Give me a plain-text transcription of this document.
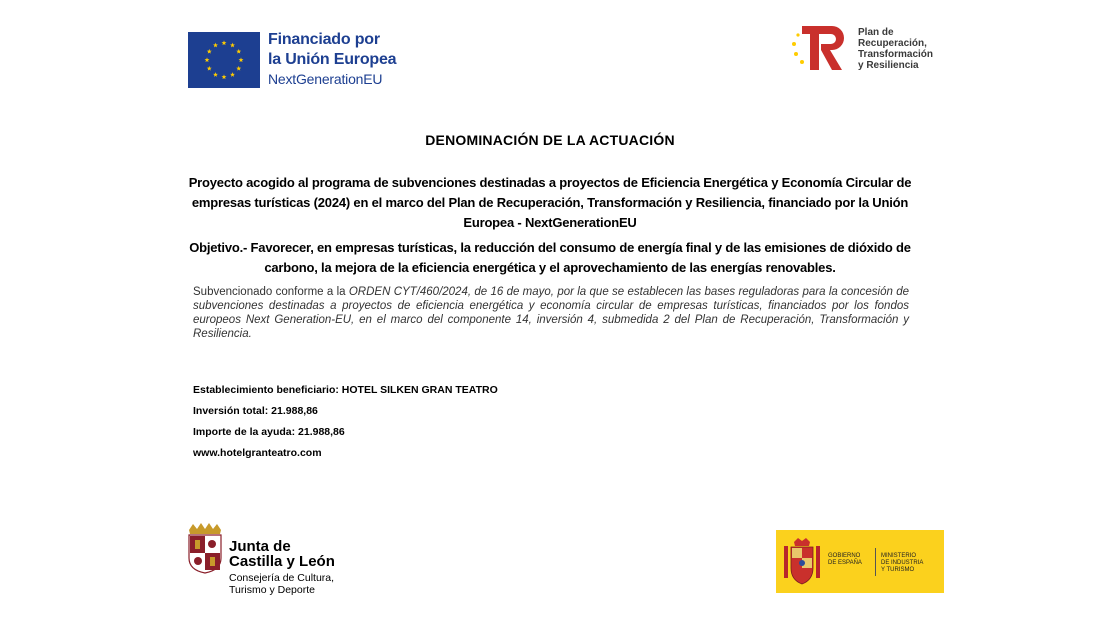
Financiado por
la Unión Europea
NextGenerationEU
Plan de
Recuperación,
Transformación
y Resiliencia
DENOMINACIÓN DE LA ACTUACIÓN
Proyecto acogido al programa de subvenciones destinadas a proyectos de Eficiencia Energética y Economía Circular de empresas turísticas (2024) en el marco del Plan de Recuperación, Transformación y Resiliencia, financiado por la Unión Europea - NextGenerationEU
Objetivo.- Favorecer, en empresas turísticas, la reducción del consumo de energía final y de las emisiones de dióxido de carbono, la mejora de la eficiencia energética y el aprovechamiento de las energías renovables.
Subvencionado conforme a la ORDEN CYT/460/2024, de 16 de mayo, por la que se establecen las bases reguladoras para la concesión de subvenciones destinadas a proyectos de eficiencia energética y economía circular de empresas turísticas, financiados por los fondos europeos Next Generation-EU, en el marco del componente 14, inversión 4, submedida 2 del Plan de Recuperación, Transformación y Resiliencia.
Establecimiento beneficiario: HOTEL SILKEN GRAN TEATRO
Inversión total: 21.988,86
Importe de la ayuda: 21.988,86
www.hotelgranteatro.com
Junta de
Castilla y León
Consejería de Cultura,
Turismo y Deporte
GOBIERNO
DE ESPAÑA
MINISTERIO
DE INDUSTRIA
Y TURISMO
